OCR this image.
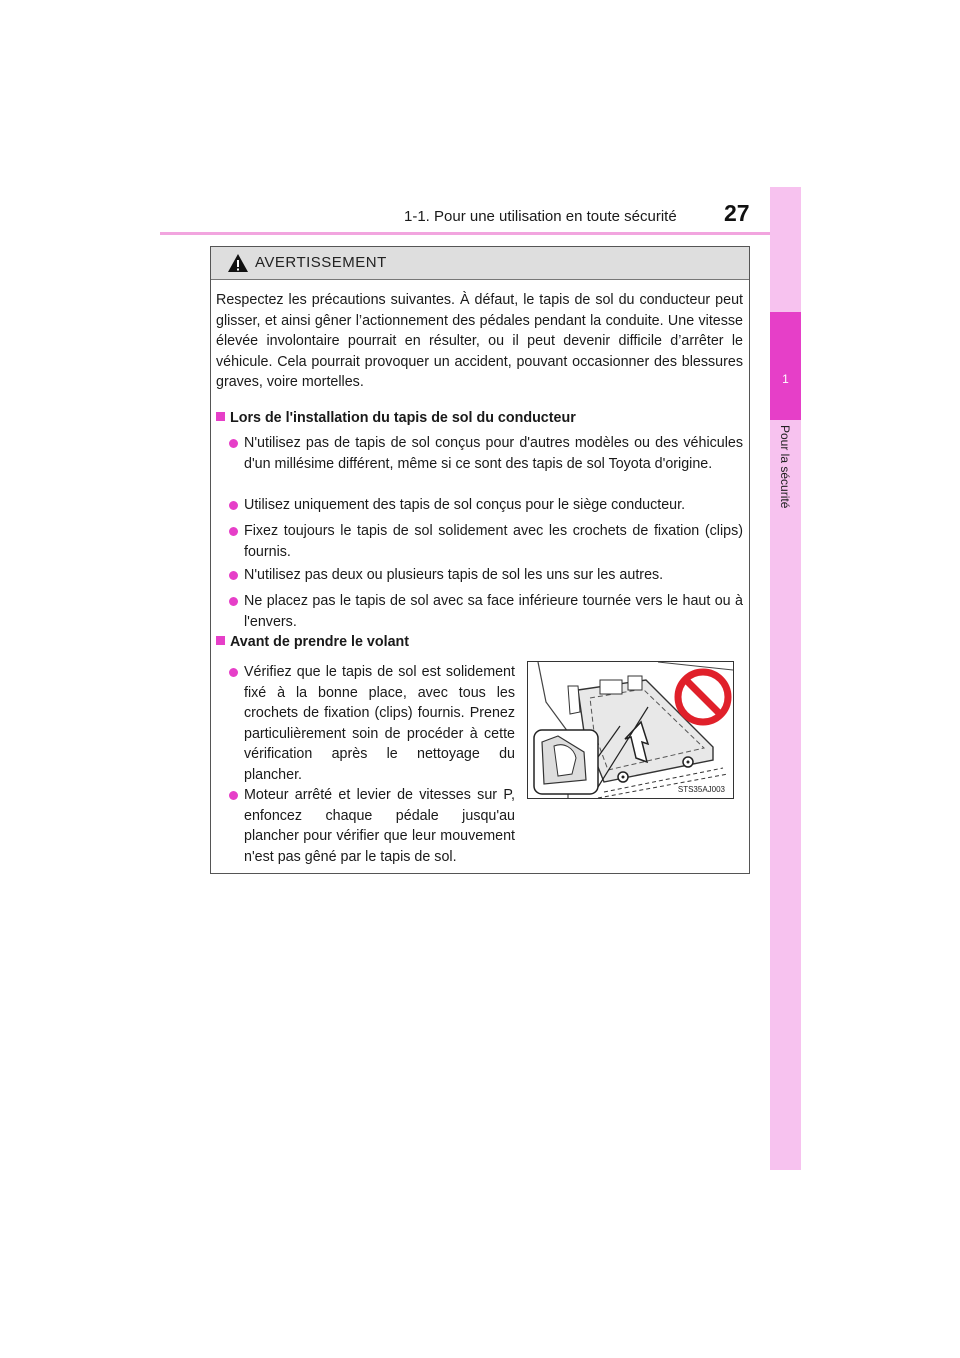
1-1. Pour une utilisation en toute sécurité 27
1
Pour la sécurité
AVERTISSEMENT
Respectez les précautions suivantes. À défaut, le tapis de sol du conducteur peut glisser, et ainsi gêner l’actionnement des pédales pendant la conduite. Une vitesse élevée involontaire pourrait en résulter, ou il peut devenir difficile d’arrêter le véhicule. Cela pourrait provoquer un accident, pouvant occasionner des blessures graves, voire mortelles.
Lors de l'installation du tapis de sol du conducteur
N'utilisez pas de tapis de sol conçus pour d'autres modèles ou des véhicules d'un millésime différent, même si ce sont des tapis de sol Toyota d'origine.
Utilisez uniquement des tapis de sol conçus pour le siège conducteur.
Fixez toujours le tapis de sol solidement avec les crochets de fixation (clips) fournis.
N'utilisez pas deux ou plusieurs tapis de sol les uns sur les autres.
Ne placez pas le tapis de sol avec sa face inférieure tournée vers le haut ou à l'envers.
Avant de prendre le volant
Vérifiez que le tapis de sol est solidement fixé à la bonne place, avec tous les crochets de fixation (clips) fournis. Prenez particulièrement soin de procéder à cette vérification après le nettoyage du plancher.
Moteur arrêté et levier de vitesses sur P, enfoncez chaque pédale jusqu'au plancher pour vérifier que leur mouvement n'est pas gêné par le tapis de sol.
STS35AJ003
